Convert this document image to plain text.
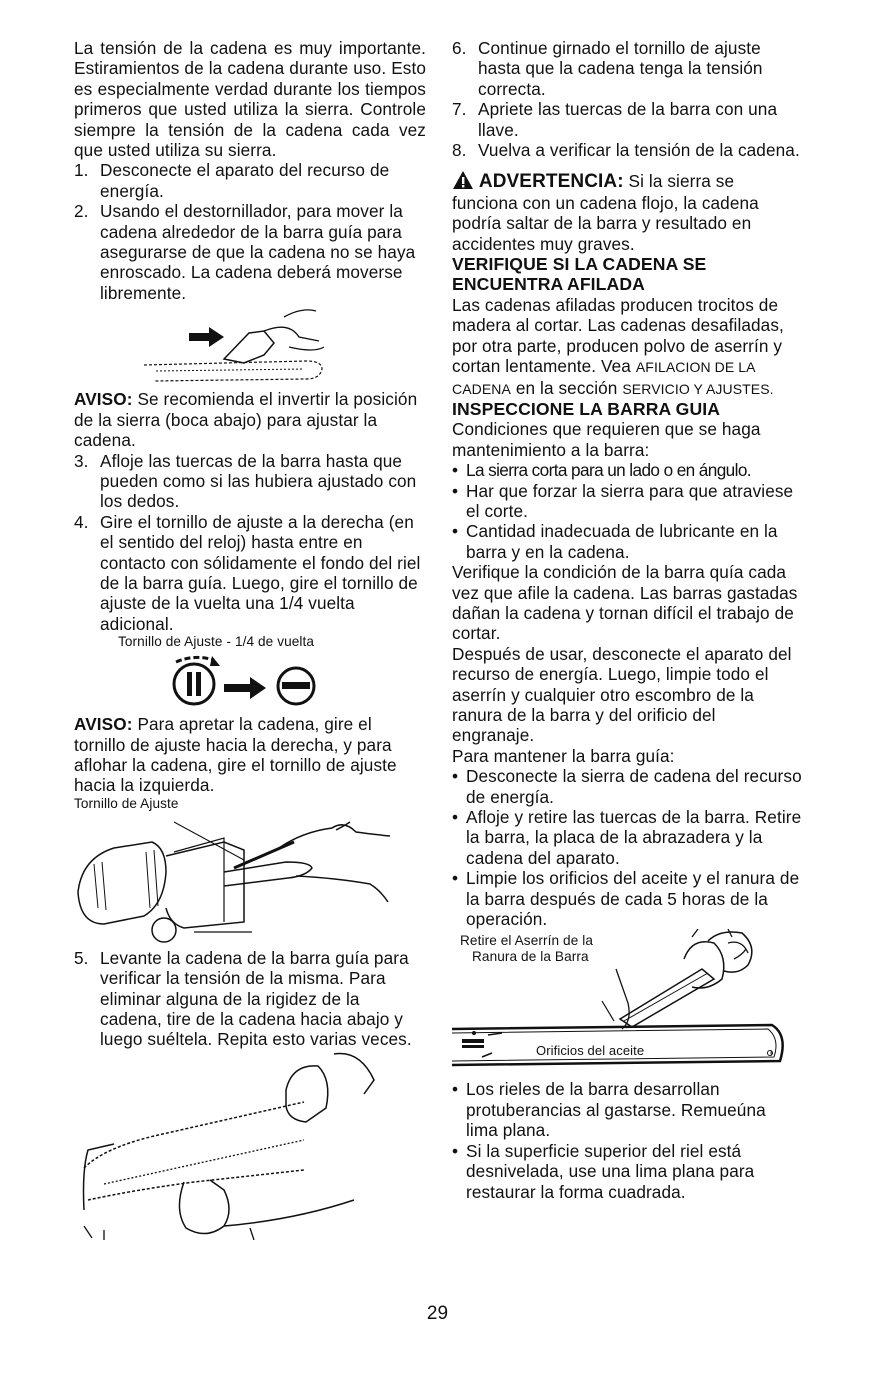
La tensión de la cadena es muy importante. Estiramientos de la cadena durante uso. Esto es especialmente verdad durante los tiempos primeros que usted utiliza la sierra. Controle siempre la tensión de la cadena cada vez que usted utiliza su sierra.

1. Desconecte el aparato del recurso de energía.
2. Usando el destornillador, para mover la cadena alrededor de la barra guía para asegurarse de que la cadena no se haya enroscado. La cadena deberá moverse libremente.

AVISO: Se recomienda el invertir la posición de la sierra (boca abajo) para ajustar la cadena.

3. Afloje las tuercas de la barra hasta que pueden como si las hubiera ajustado con los dedos.
4. Gire el tornillo de ajuste a la derecha (en el sentido del reloj) hasta entre en contacto con sólidamente el fondo del riel de la barra guía. Luego, gire el tornillo de ajuste de la vuelta una 1/4 vuelta adicional.
Tornillo de Ajuste - 1/4 de vuelta

AVISO: Para apretar la cadena, gire el tornillo de ajuste hacia la derecha, y para aflohar la cadena, gire el tornillo de ajuste hacia la izquierda.

Tornillo de Ajuste
5. Levante la cadena de la barra guía para verificar la tensión de la misma. Para eliminar alguna de la rigidez de la cadena, tire de la cadena hacia abajo y luego suéltela. Repita esto varias veces.
6. Continue girnado el tornillo de ajuste hasta que la cadena tenga la tensión correcta.
7. Apriete las tuercas de la barra con una llave.
8. Vuelva a verificar la tensión de la cadena.

ADVERTENCIA: Si la sierra se funciona con un cadena flojo, la cadena podría saltar de la barra y resultado en accidentes muy graves.

VERIFIQUE SI LA CADENA SE ENCUENTRA AFILADA

Las cadenas afiladas producen trocitos de madera al cortar. Las cadenas desafiladas, por otra parte, producen polvo de aserrín y cortan lentamente. Vea AFILACION DE LA CADENA en la sección SERVICIO Y AJUSTES.

INSPECCIONE LA BARRA GUIA

Condiciones que requieren que se haga mantenimiento a la barra:

• La sierra corta para un lado o en ángulo.
• Har que forzar la sierra para que atraviese el corte.
• Cantidad inadecuada de lubricante en la barra y en la cadena.

Verifique la condición de la barra quía cada vez que afile la cadena. Las barras gastadas dañan la cadena y tornan difícil el trabajo de cortar.

Después de usar, desconecte el aparato del recurso de energía. Luego, limpie todo el aserrín y cualquier otro escombro de la ranura de la barra y del orificio del engranaje.

Para mantener la barra guía:

• Desconecte la sierra de cadena del recurso de energía.
• Afloje y retire las tuercas de la barra. Retire la barra, la placa de la abrazadera y la cadena del aparato.
• Limpie los orificios del aceite y el ranura de la barra después de cada 5 horas de la operación.
Retire el Aserrín de la
Ranura de la Barra
Orificios del aceite
• Los rieles de la barra desarrollan protuberancias al gastarse. Remueúna lima plana.
• Si la superficie superior del riel está desnivelada, use una lima plana para restaurar la forma cuadrada.
29
